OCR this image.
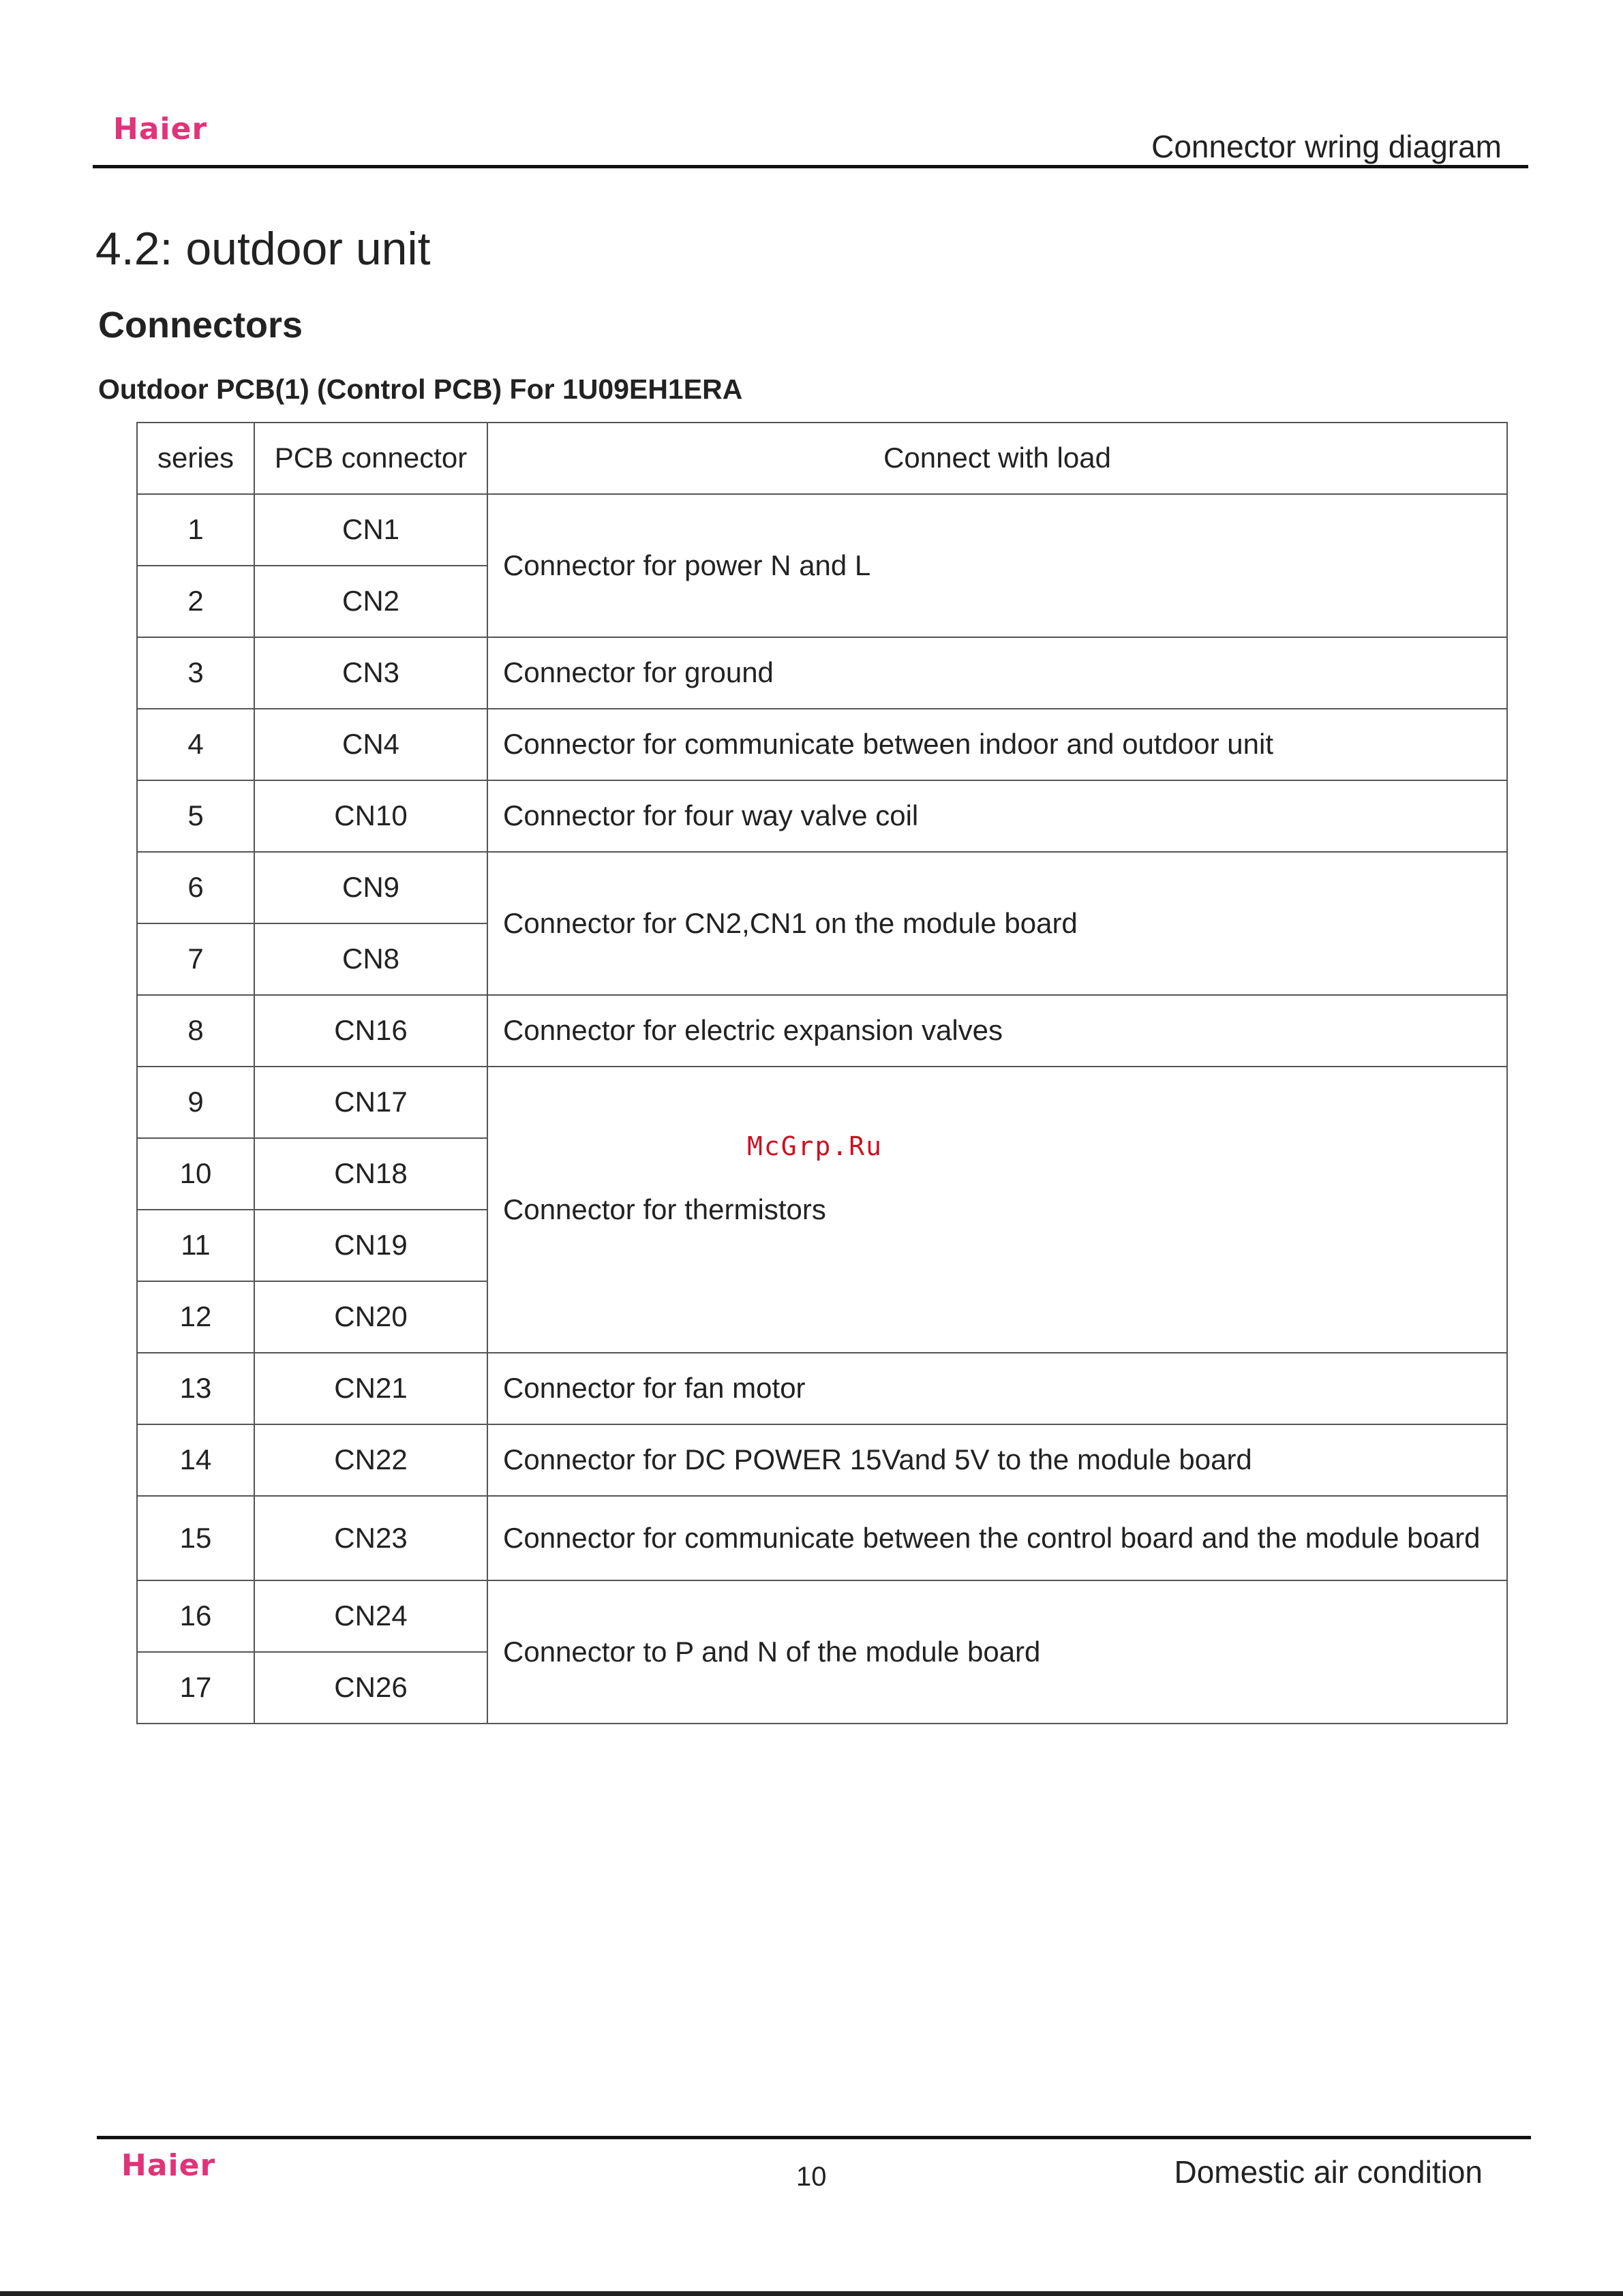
Haier	Connector wring diagram
4.2: outdoor unit
Connectors
Outdoor PCB(1) (Control PCB) For 1U09EH1ERA
series	PCB connector	Connect with load
1	CN1	Connector for power N and L
2	CN2	
3	CN3	Connector for ground
4	CN4	Connector for communicate between indoor and outdoor unit
5	CN10	Connector for four way valve coil
6	CN9	Connector for CN2,CN1 on the module board
7	CN8	
8	CN16	Connector for electric expansion valves
9	CN17	Connector for thermistors
10	CN18	
11	CN19	
12	CN20	
13	CN21	Connector for fan motor
14	CN22	Connector for DC POWER 15Vand 5V to the module board
15	CN23	Connector for communicate between the control board and the module board
16	CN24	Connector to P and N of the module board
17	CN26	
McGrp.Ru
Haier	10	Domestic air condition
